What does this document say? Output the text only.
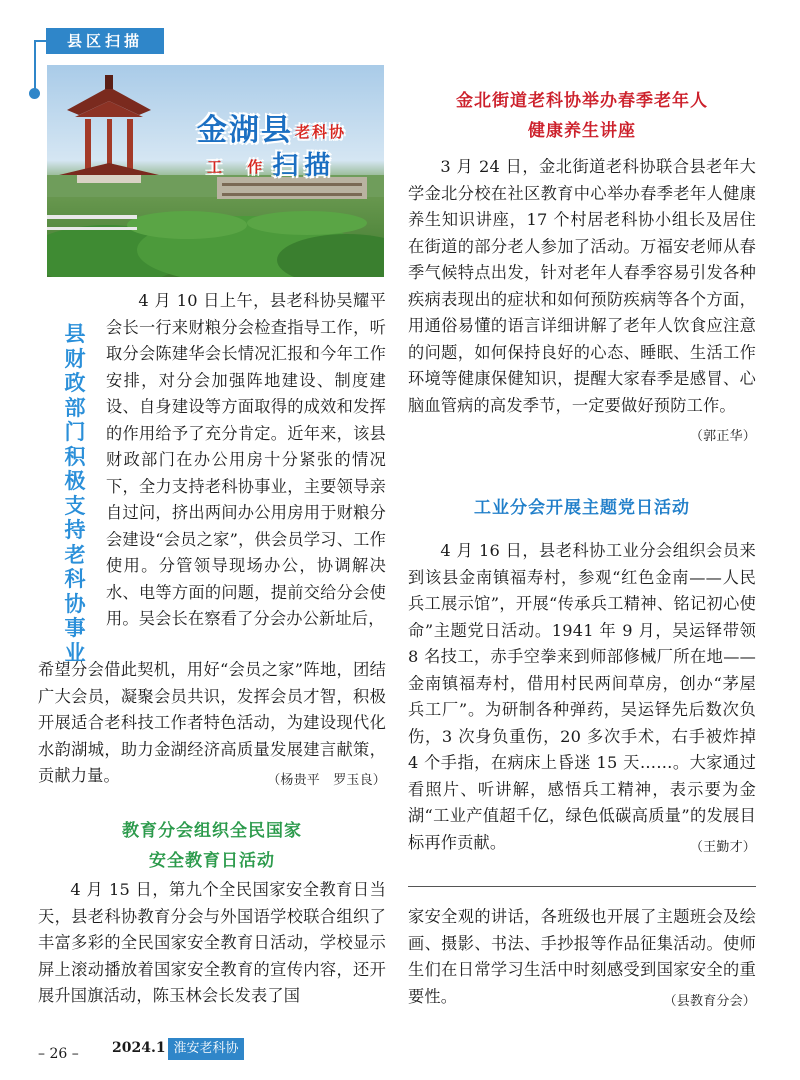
县区扫描
金湖县 老科协
工 作扫描
县财政部门积极支持老科协事业

4 月 10 日上午，县老科协吴耀平会长一行来财粮分会检查指导工作，听取分会陈建华会长情况汇报和今年工作安排，对分会加强阵地建设、制度建设、自身建设等方面取得的成效和发挥的作用给予了充分肯定。近年来，该县财政部门在办公用房十分紧张的情况下，全力支持老科协事业，主要领导亲自过问，挤出两间办公用房用于财粮分会建设“会员之家”，供会员学习、工作使用。分管领导现场办公，协调解决水、电等方面的问题，提前交给分会使用。吴会长在察看了分会办公新址后，

希望分会借此契机，用好“会员之家”阵地，团结广大会员，凝聚会员共识，发挥会员才智，积极开展适合老科技工作者特色活动，为建设现代化水韵湖城，助力金湖经济高质量发展建言献策，贡献力量。	（杨贵平　罗玉良）

教育分会组织全民国家
安全教育日活动

4 月 15 日，第九个全民国家安全教育日当天，县老科协教育分会与外国语学校联合组织了丰富多彩的全民国家安全教育日活动，学校显示屏上滚动播放着国家安全教育的宣传内容，还开展升国旗活动，陈玉林会长发表了国

金北街道老科协举办春季老年人
健康养生讲座

3 月 24 日，金北街道老科协联合县老年大学金北分校在社区教育中心举办春季老年人健康养生知识讲座，17 个村居老科协小组长及居住在街道的部分老人参加了活动。万福安老师从春季气候特点出发，针对老年人春季容易引发各种疾病表现出的症状和如何预防疾病等各个方面，用通俗易懂的语言详细讲解了老年人饮食应注意的问题，如何保持良好的心态、睡眠、生活工作环境等健康保健知识，提醒大家春季是感冒、心脑血管病的高发季节，一定要做好预防工作。
（郭正华）

工业分会开展主题党日活动

4 月 16 日，县老科协工业分会组织会员来到该县金南镇福寿村，参观“红色金南——人民兵工展示馆”，开展“传承兵工精神、铭记初心使命”主题党日活动。1941 年 9 月，吴运铎带领 8 名技工，赤手空拳来到师部修械厂所在地——金南镇福寿村，借用村民两间草房，创办“茅屋兵工厂”。为研制各种弹药，吴运铎先后数次负伤，3 次身负重伤，20 多次手术，右手被炸掉 4 个手指，在病床上昏迷 15 天……。大家通过看照片、听讲解，感悟兵工精神，表示要为金湖“工业产值超千亿，绿色低碳高质量”的发展目标再作贡献。	（王勤才）

家安全观的讲话，各班级也开展了主题班会及绘画、摄影、书法、手抄报等作品征集活动。使师生们在日常学习生活中时刻感受到国家安全的重要性。	（县教育分会）

– 26 – 2024.1 淮安老科协
